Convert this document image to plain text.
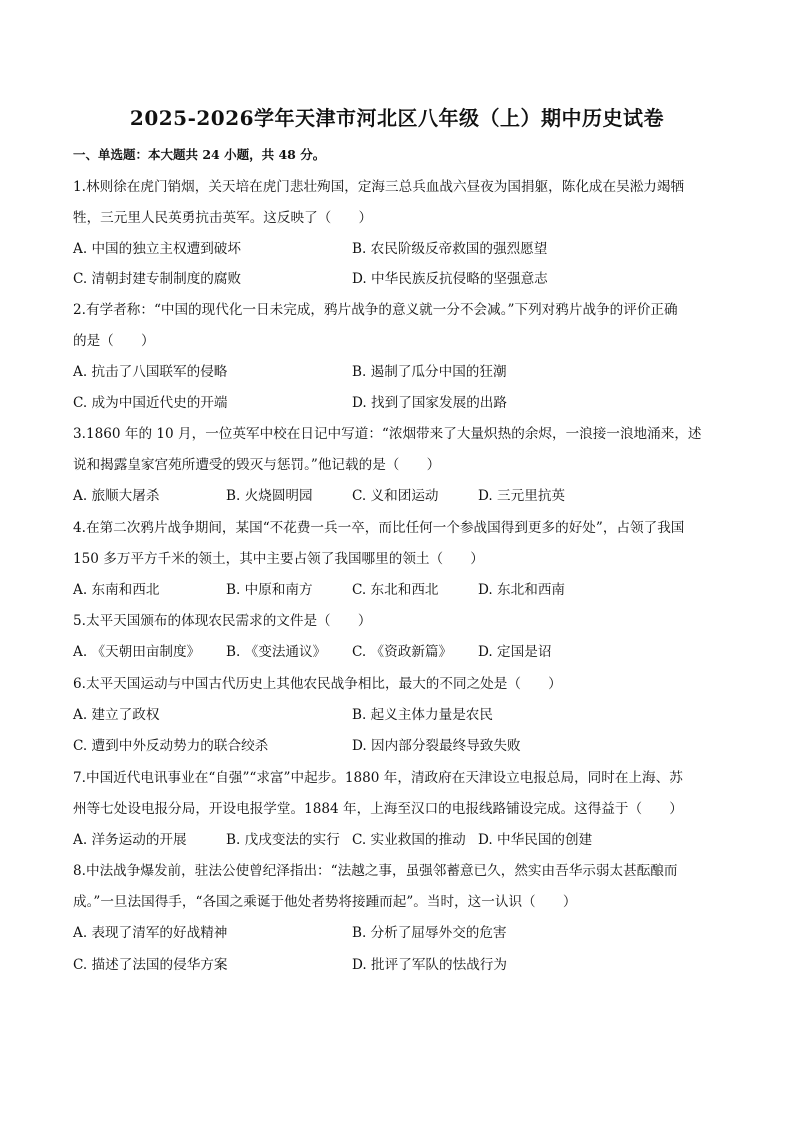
2025-2026学年天津市河北区八年级（上）期中历史试卷
一、单选题：本大题共 24 小题，共 48 分。
1.林则徐在虎门销烟，关天培在虎门悲壮殉国，定海三总兵血战六昼夜为国捐躯，陈化成在吴淞力竭牺
牲，三元里人民英勇抗击英军。这反映了（　　）
A. 中国的独立主权遭到破坏	B. 农民阶级反帝救国的强烈愿望
C. 清朝封建专制制度的腐败	D. 中华民族反抗侵略的坚强意志
2.有学者称：“中国的现代化一日未完成，鸦片战争的意义就一分不会减。”下列对鸦片战争的评价正确
的是（　　）
A. 抗击了八国联军的侵略	B. 遏制了瓜分中国的狂潮
C. 成为中国近代史的开端	D. 找到了国家发展的出路
3.1860 年的 10 月，一位英军中校在日记中写道：“浓烟带来了大量炽热的余烬，一浪接一浪地涌来，述
说和揭露皇家宫苑所遭受的毁灭与惩罚。”他记载的是（　　）
A. 旅顺大屠杀	B. 火烧圆明园	C. 义和团运动	D. 三元里抗英
4.在第二次鸦片战争期间，某国“不花费一兵一卒，而比任何一个参战国得到更多的好处”，占领了我国
150 多万平方千米的领土，其中主要占领了我国哪里的领土（　　）
A. 东南和西北	B. 中原和南方	C. 东北和西北	D. 东北和西南
5.太平天国颁布的体现农民需求的文件是（　　）
A. 《天朝田亩制度》 B. 《变法通议》 C. 《资政新篇》 D. 定国是诏
6.太平天国运动与中国古代历史上其他农民战争相比，最大的不同之处是（　　）
A. 建立了政权	B. 起义主体力量是农民
C. 遭到中外反动势力的联合绞杀	D. 因内部分裂最终导致失败
7.中国近代电讯事业在“自强”“求富”中起步。1880 年，清政府在天津设立电报总局，同时在上海、苏
州等七处设电报分局，开设电报学堂。1884 年，上海至汉口的电报线路铺设完成。这得益于（　　）
A. 洋务运动的开展	B. 戊戌变法的实行 C. 实业救国的推动 D. 中华民国的创建
8.中法战争爆发前，驻法公使曾纪泽指出：“法越之事，虽强邻蓄意已久，然实由吾华示弱太甚酝酿而
成。”一旦法国得手，“各国之乘诞于他处者势将接踵而起”。当时，这一认识（　　）
A. 表现了清军的好战精神	B. 分析了屈辱外交的危害
C. 描述了法国的侵华方案	D. 批评了军队的怯战行为
